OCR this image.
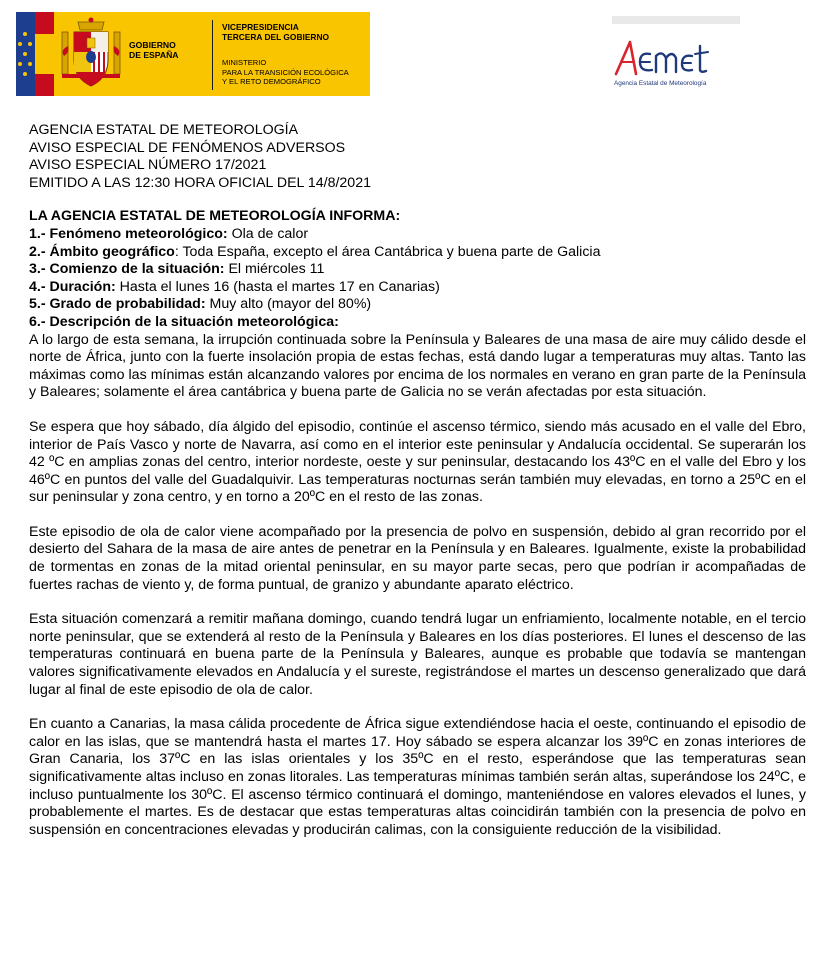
GOBIERNO
DE ESPAÑA
VICEPRESIDENCIA
TERCERA DEL GOBIERNO
MINISTERIO
PARA LA TRANSICIÓN ECOLÓGICA
Y EL RETO DEMOGRÁFICO	Agencia Estatal de Meteorología

AGENCIA ESTATAL DE METEOROLOGÍA

AVISO ESPECIAL DE FENÓMENOS ADVERSOS

AVISO ESPECIAL NÚMERO 17/2021

EMITIDO A LAS 12:30 HORA OFICIAL DEL 14/8/2021

LA AGENCIA ESTATAL DE METEOROLOGÍA INFORMA:

1.- Fenómeno meteorológico: Ola de calor

2.- Ámbito geográfico: Toda España, excepto el área Cantábrica y buena parte de Galicia

3.- Comienzo de la situación: El miércoles 11

4.- Duración: Hasta el lunes 16 (hasta el martes 17 en Canarias)

5.- Grado de probabilidad: Muy alto (mayor del 80%)

6.- Descripción de la situación meteorológica:

A lo largo de esta semana, la irrupción continuada sobre la Península y Baleares de una masa de aire muy cálido desde el norte de África, junto con la fuerte insolación propia de estas fechas, está dando lugar a temperaturas muy altas. Tanto las máximas como las mínimas están alcanzando valores por encima de los normales en verano en gran parte de la Península y Baleares; solamente el área cantábrica y buena parte de Galicia no se verán afectadas por esta situación.

Se espera que hoy sábado, día álgido del episodio, continúe el ascenso térmico, siendo más acusado en el valle del Ebro, interior de País Vasco y norte de Navarra, así como en el interior este peninsular y Andalucía occidental. Se superarán los 42 ºC en amplias zonas del centro, interior nordeste, oeste y sur peninsular, destacando los 43ºC en el valle del Ebro y los 46ºC en puntos del valle del Guadalquivir. Las temperaturas nocturnas serán también muy elevadas, en torno a 25ºC en el sur peninsular y zona centro, y en torno a 20ºC en el resto de las zonas.

Este episodio de ola de calor viene acompañado por la presencia de polvo en suspensión, debido al gran recorrido por el desierto del Sahara de la masa de aire antes de penetrar en la Península y en Baleares. Igualmente, existe la probabilidad de tormentas en zonas de la mitad oriental peninsular, en su mayor parte secas, pero que podrían ir acompañadas de fuertes rachas de viento y, de forma puntual, de granizo y abundante aparato eléctrico.

Esta situación comenzará a remitir mañana domingo, cuando tendrá lugar un enfriamiento, localmente notable, en el tercio norte peninsular, que se extenderá al resto de la Península y Baleares en los días posteriores. El lunes el descenso de las temperaturas continuará en buena parte de la Península y Baleares, aunque es probable que todavía se mantengan valores significativamente elevados en Andalucía y el sureste, registrándose el martes un descenso generalizado que dará lugar al final de este episodio de ola de calor.

En cuanto a Canarias, la masa cálida procedente de África sigue extendiéndose hacia el oeste, continuando el episodio de calor en las islas, que se mantendrá hasta el martes 17. Hoy sábado se espera alcanzar los 39ºC en zonas interiores de Gran Canaria, los 37ºC en las islas orientales y los 35ºC en el resto, esperándose que las temperaturas sean significativamente altas incluso en zonas litorales. Las temperaturas mínimas también serán altas, superándose los 24ºC, e incluso puntualmente los 30ºC. El ascenso térmico continuará el domingo, manteniéndose en valores elevados el lunes, y probablemente el martes. Es de destacar que estas temperaturas altas coincidirán también con la presencia de polvo en suspensión en concentraciones elevadas y producirán calimas, con la consiguiente reducción de la visibilidad.
